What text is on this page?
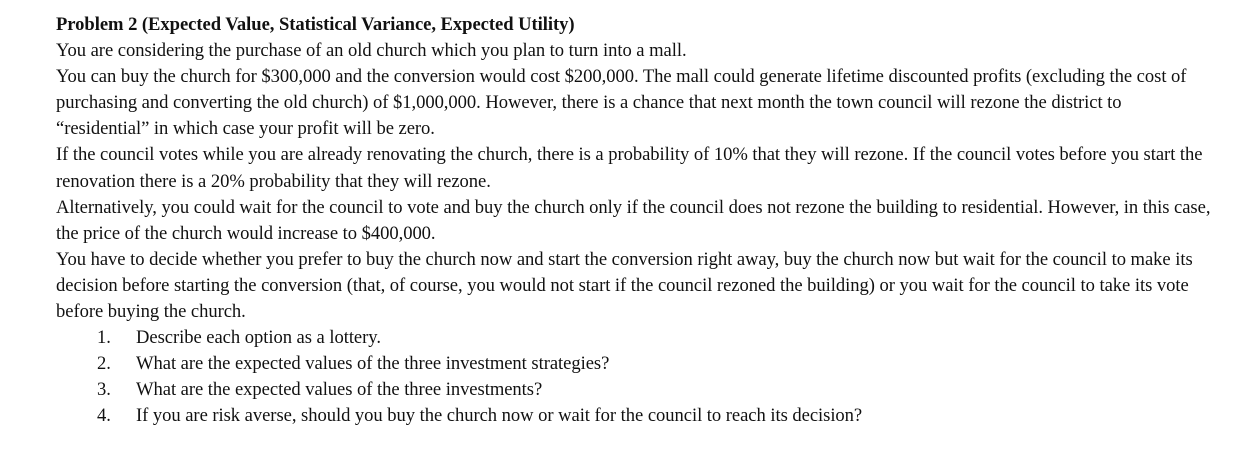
Problem 2 (Expected Value, Statistical Variance, Expected Utility)

You are considering the purchase of an old church which you plan to turn into a mall.

You can buy the church for $300,000 and the conversion would cost $200,000. The mall could generate lifetime discounted profits (excluding the cost of purchasing and converting the old church) of $1,000,000. However, there is a chance that next month the town council will rezone the district to “residential” in which case your profit will be zero.

If the council votes while you are already renovating the church, there is a probability of 10% that they will rezone. If the council votes before you start the renovation there is a 20% probability that they will rezone.

Alternatively, you could wait for the council to vote and buy the church only if the council does not rezone the building to residential. However, in this case, the price of the church would increase to $400,000.

You have to decide whether you prefer to buy the church now and start the conversion right away, buy the church now but wait for the council to make its decision before starting the conversion (that, of course, you would not start if the council rezoned the building) or you wait for the council to take its vote before buying the church.

1. Describe each option as a lottery.
2. What are the expected values of the three investment strategies?
3. What are the expected values of the three investments?
4. If you are risk averse, should you buy the church now or wait for the council to reach its decision?
